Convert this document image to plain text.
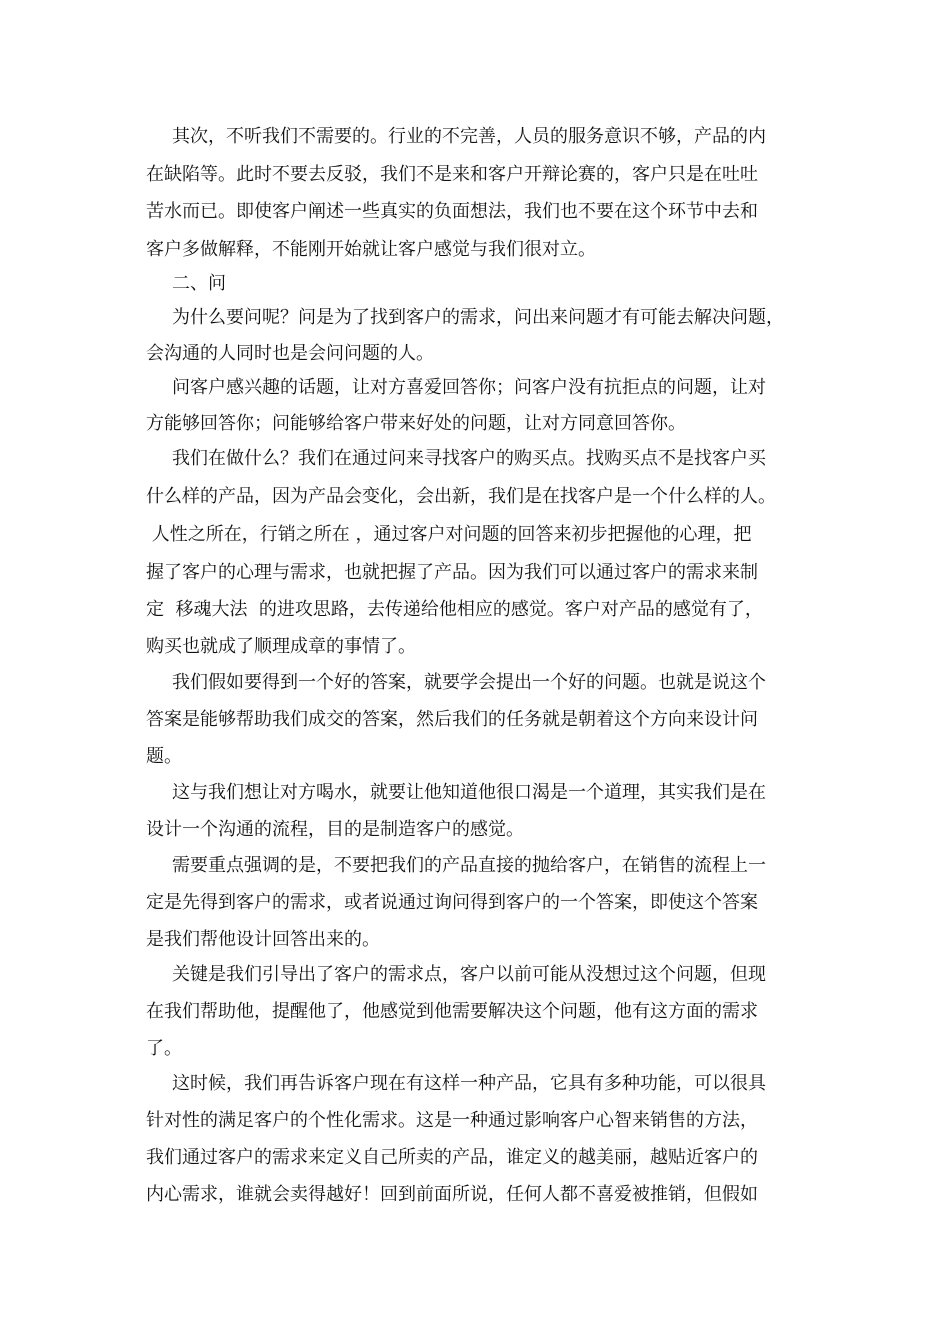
其次，不听我们不需要的。行业的不完善，人员的服务意识不够，产品的内

在缺陷等。此时不要去反驳，我们不是来和客户开辩论赛的，客户只是在吐吐

苦水而已。即使客户阐述一些真实的负面想法，我们也不要在这个环节中去和

客户多做解释，不能刚开始就让客户感觉与我们很对立。

二、问

为什么要问呢？问是为了找到客户的需求，问出来问题才有可能去解决问题，

会沟通的人同时也是会问问题的人。

问客户感兴趣的话题，让对方喜爱回答你；问客户没有抗拒点的问题，让对

方能够回答你；问能够给客户带来好处的问题，让对方同意回答你。

我们在做什么？我们在通过问来寻找客户的购买点。找购买点不是找客户买

什么样的产品，因为产品会变化，会出新，我们是在找客户是一个什么样的人。

人性之所在，行销之所在 ，通过客户对问题的回答来初步把握他的心理，把

握了客户的心理与需求，也就把握了产品。因为我们可以通过客户的需求来制

定  移魂大法  的进攻思路，去传递给他相应的感觉。客户对产品的感觉有了，

购买也就成了顺理成章的事情了。

我们假如要得到一个好的答案，就要学会提出一个好的问题。也就是说这个

答案是能够帮助我们成交的答案，然后我们的任务就是朝着这个方向来设计问

题。

这与我们想让对方喝水，就要让他知道他很口渴是一个道理，其实我们是在

设计一个沟通的流程，目的是制造客户的感觉。

需要重点强调的是，不要把我们的产品直接的抛给客户，在销售的流程上一

定是先得到客户的需求，或者说通过询问得到客户的一个答案，即使这个答案

是我们帮他设计回答出来的。

关键是我们引导出了客户的需求点，客户以前可能从没想过这个问题，但现

在我们帮助他，提醒他了，他感觉到他需要解决这个问题，他有这方面的需求

了。

这时候，我们再告诉客户现在有这样一种产品，它具有多种功能，可以很具

针对性的满足客户的个性化需求。这是一种通过影响客户心智来销售的方法，

我们通过客户的需求来定义自己所卖的产品，谁定义的越美丽，越贴近客户的

内心需求，谁就会卖得越好！回到前面所说，任何人都不喜爱被推销，但假如
